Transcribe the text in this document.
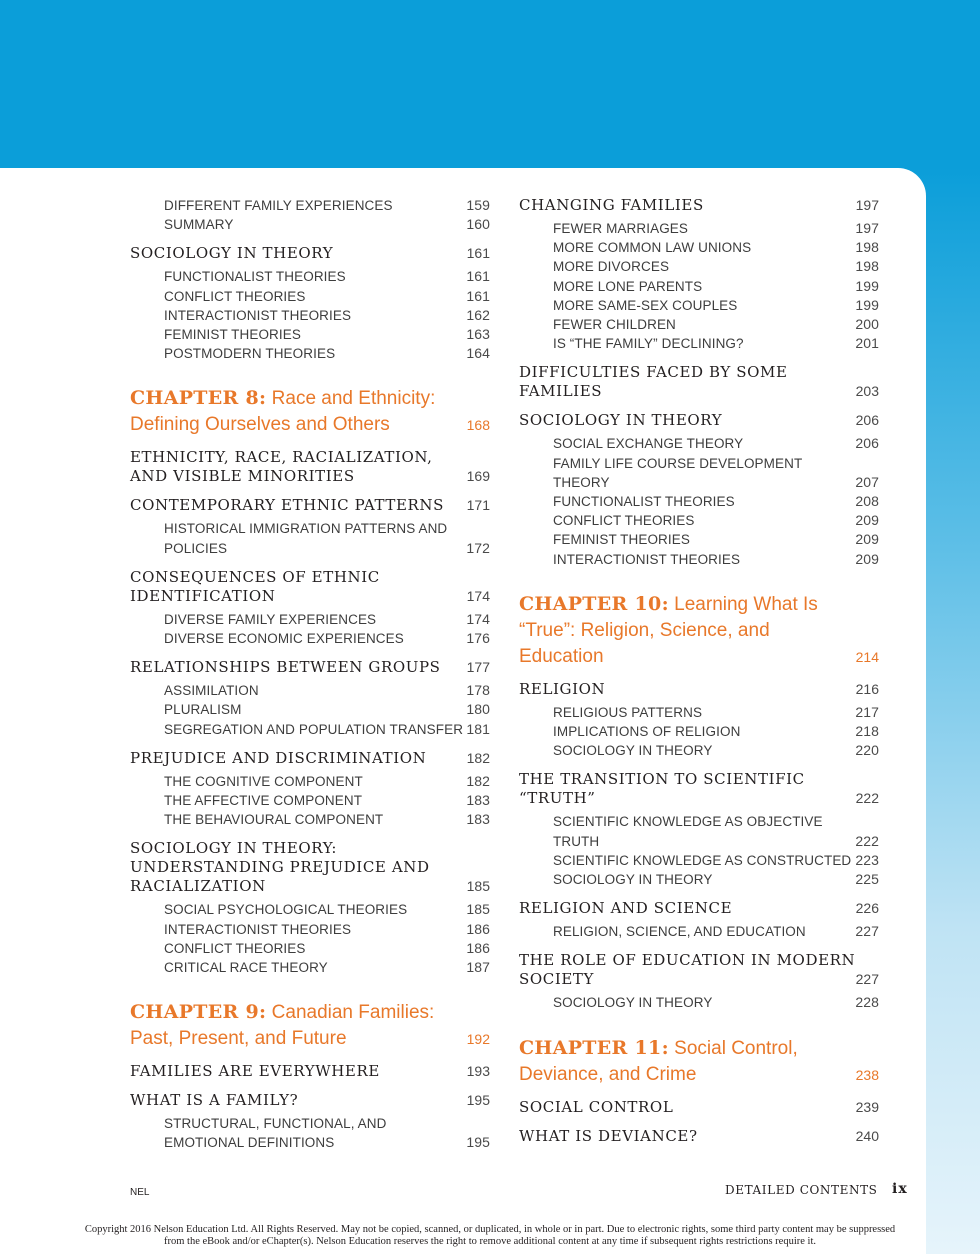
DIFFERENT FAMILY EXPERIENCES	159
SUMMARY	160
SOCIOLOGY IN THEORY	161
FUNCTIONALIST THEORIES	161
CONFLICT THEORIES	161
INTERACTIONIST THEORIES	162
FEMINIST THEORIES	163
POSTMODERN THEORIES	164
CHAPTER 8: Race and Ethnicity: Defining Ourselves and Others	168
ETHNICITY, RACE, RACIALIZATION, AND VISIBLE MINORITIES	169
CONTEMPORARY ETHNIC PATTERNS	171
HISTORICAL IMMIGRATION PATTERNS AND POLICIES	172
CONSEQUENCES OF ETHNIC IDENTIFICATION	174
DIVERSE FAMILY EXPERIENCES	174
DIVERSE ECONOMIC EXPERIENCES	176
RELATIONSHIPS BETWEEN GROUPS	177
ASSIMILATION	178
PLURALISM	180
SEGREGATION AND POPULATION TRANSFER 181
PREJUDICE AND DISCRIMINATION	182
THE COGNITIVE COMPONENT	182
THE AFFECTIVE COMPONENT	183
THE BEHAVIOURAL COMPONENT	183
SOCIOLOGY IN THEORY: UNDERSTANDING PREJUDICE AND RACIALIZATION	185
SOCIAL PSYCHOLOGICAL THEORIES	185
INTERACTIONIST THEORIES	186
CONFLICT THEORIES	186
CRITICAL RACE THEORY	187
CHAPTER 9: Canadian Families: Past, Present, and Future	192
FAMILIES ARE EVERYWHERE	193
WHAT IS A FAMILY?	195
STRUCTURAL, FUNCTIONAL, AND EMOTIONAL DEFINITIONS	195
CHANGING FAMILIES	197
FEWER MARRIAGES	197
MORE COMMON LAW UNIONS	198
MORE DIVORCES	198
MORE LONE PARENTS	199
MORE SAME-SEX COUPLES	199
FEWER CHILDREN	200
IS “THE FAMILY” DECLINING?	201
DIFFICULTIES FACED BY SOME FAMILIES	203
SOCIOLOGY IN THEORY	206
SOCIAL EXCHANGE THEORY	206
FAMILY LIFE COURSE DEVELOPMENT THEORY	207
FUNCTIONALIST THEORIES	208
CONFLICT THEORIES	209
FEMINIST THEORIES	209
INTERACTIONIST THEORIES	209
CHAPTER 10: Learning What Is “True”: Religion, Science, and Education	214
RELIGION	216
RELIGIOUS PATTERNS	217
IMPLICATIONS OF RELIGION	218
SOCIOLOGY IN THEORY	220
THE TRANSITION TO SCIENTIFIC “TRUTH”	222
SCIENTIFIC KNOWLEDGE AS OBJECTIVE TRUTH	222
SCIENTIFIC KNOWLEDGE AS CONSTRUCTED 223
SOCIOLOGY IN THEORY	225
RELIGION AND SCIENCE	226
RELIGION, SCIENCE, AND EDUCATION	227
THE ROLE OF EDUCATION IN MODERN SOCIETY	227
SOCIOLOGY IN THEORY	228
CHAPTER 11: Social Control, Deviance, and Crime	238
SOCIAL CONTROL	239
WHAT IS DEVIANCE?	240
NEL	DETAILED CONTENTS ix
Copyright 2016 Nelson Education Ltd. All Rights Reserved. May not be copied, scanned, or duplicated, in whole or in part. Due to electronic rights, some third party content may be suppressed from the eBook and/or eChapter(s). Nelson Education reserves the right to remove additional content at any time if subsequent rights restrictions require it.
